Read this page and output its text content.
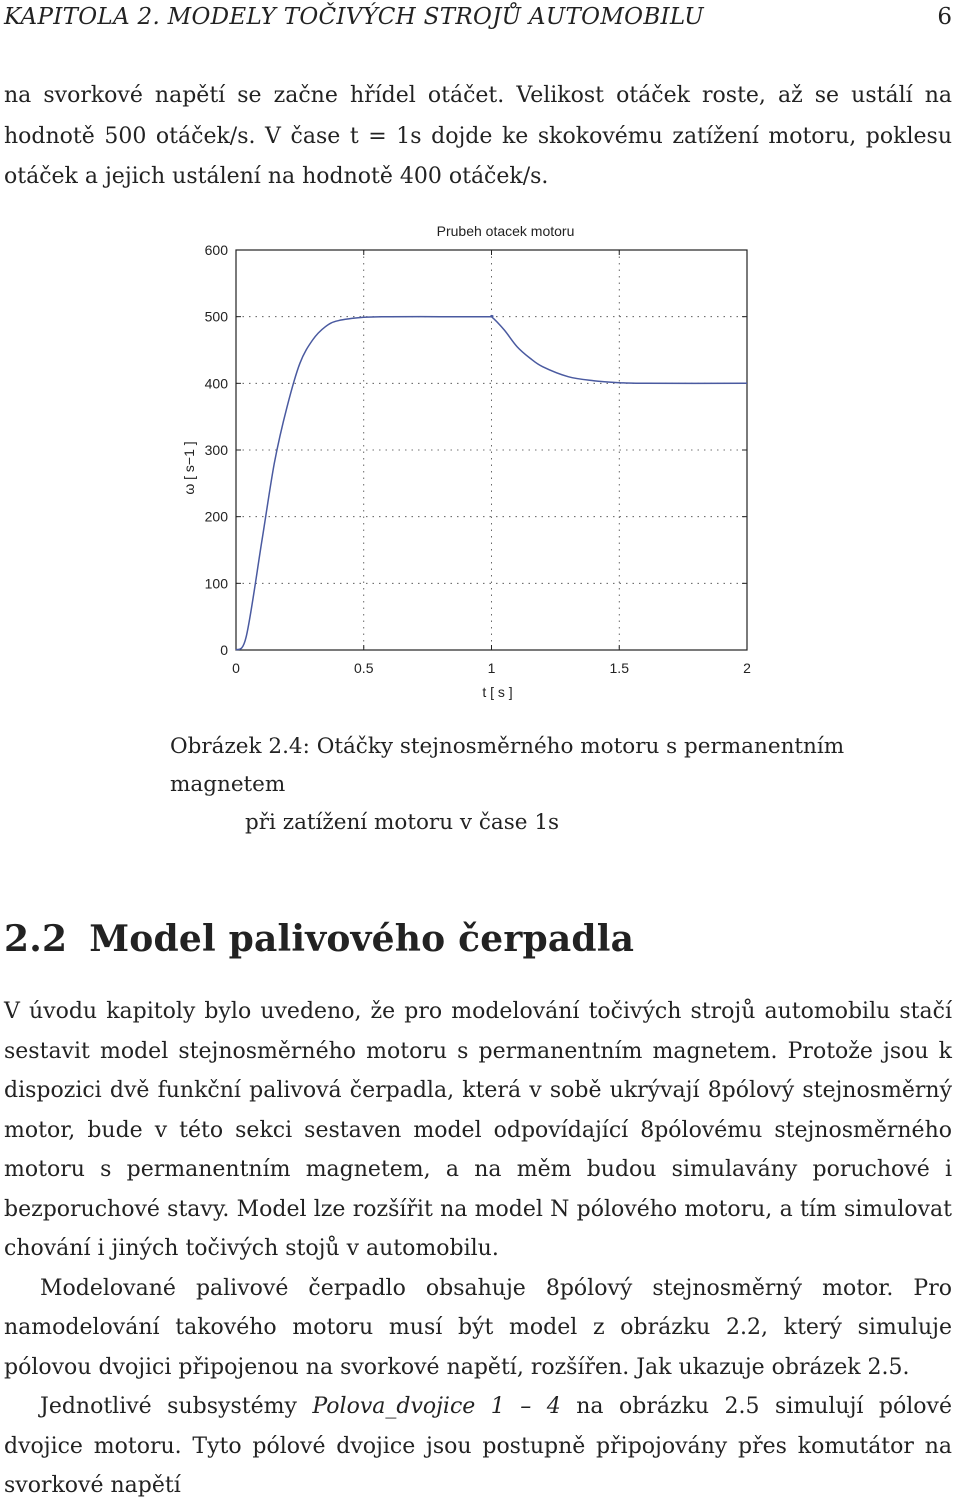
KAPITOLA 2. MODELY TOČIVÝCH STROJŮ AUTOMOBILU	6

na svorkové napětí se začne hřídel otáčet. Velikost otáček roste, až se ustálí na hodnotě 500 otáček/s. V čase t = 1s dojde ke skokovému zatížení motoru, poklesu otáček a jejich ustálení na hodnotě 400 otáček/s.

0
100
200
300
400
500
600
0	0.5	1	1.5	2
Prubeh otacek motoru
t [ s ]
ω [ s−1 ]
Obrázek 2.4: Otáčky stejnosměrného motoru s permanentním magnetem
při zatížení motoru v čase 1s
2.2 Model palivového čerpadla

V úvodu kapitoly bylo uvedeno, že pro modelování točivých strojů automobilu stačí sestavit model stejnosměrného motoru s permanentním magnetem. Protože jsou k dispozici dvě funkční palivová čerpadla, která v sobě ukrývají 8pólový stejnosměrný motor, bude v této sekci sestaven model odpovídající 8pólovému stejnosměrného motoru s permanentním magnetem, a na měm budou simulavány poruchové i bezporuchové stavy. Model lze rozšířit na model N pólového motoru, a tím simulovat chování i jiných točivých stojů v automobilu.

Modelované palivové čerpadlo obsahuje 8pólový stejnosměrný motor. Pro namodelování takového motoru musí být model z obrázku 2.2, který simuluje pólovou dvojici připojenou na svorkové napětí, rozšířen. Jak ukazuje obrázek 2.5.

Jednotlivé subsystémy Polova_dvojice 1 – 4 na obrázku 2.5 simulují pólové dvojice motoru. Tyto pólové dvojice jsou postupně připojovány přes komutátor na svorkové napětí
